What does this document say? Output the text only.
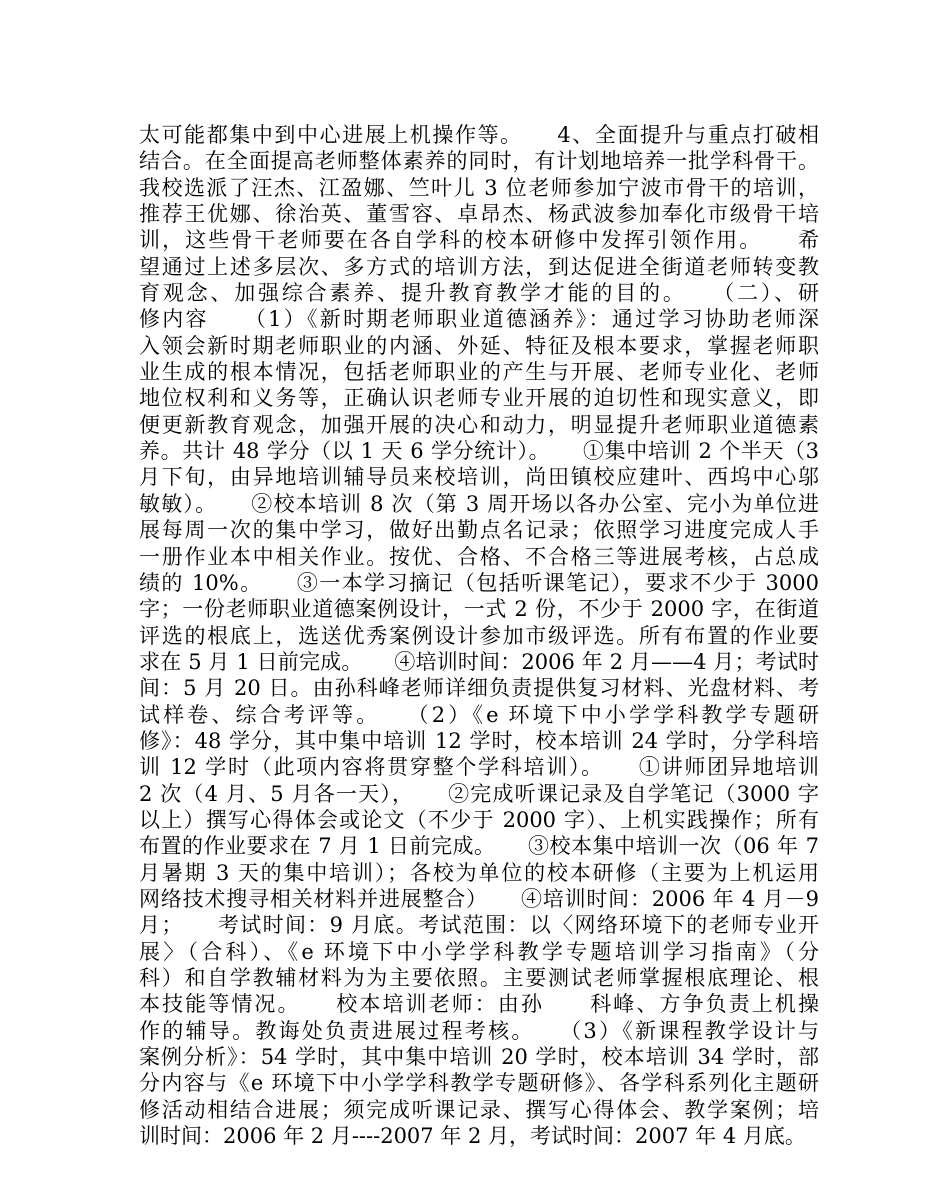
太可能都集中到中心进展上机操作等。　　4、全面提升与重点打破相
结合。在全面提高老师整体素养的同时，有计划地培养一批学科骨干。
我校选派了汪杰、江盈娜、竺叶儿 3 位老师参加宁波市骨干的培训，
推荐王优娜、徐治英、董雪容、卓昂杰、杨武波参加奉化市级骨干培
训，这些骨干老师要在各自学科的校本研修中发挥引领作用。　　希
望通过上述多层次、多方式的培训方法，到达促进全街道老师转变教
育观念、加强综合素养、提升教育教学才能的目的。　　（二）、研
修内容　　（1）《新时期老师职业道德涵养》：通过学习协助老师深
入领会新时期老师职业的内涵、外延、特征及根本要求，掌握老师职
业生成的根本情况，包括老师职业的产生与开展、老师专业化、老师
地位权利和义务等，正确认识老师专业开展的迫切性和现实意义，即
便更新教育观念，加强开展的决心和动力，明显提升老师职业道德素
养。共计 48 学分（以 1 天 6 学分统计）。　　①集中培训 2 个半天（3
月下旬，由异地培训辅导员来校培训，尚田镇校应建叶、西坞中心邬
敏敏）。　　②校本培训 8 次（第 3 周开场以各办公室、完小为单位进
展每周一次的集中学习，做好出勤点名记录；依照学习进度完成人手
一册作业本中相关作业。按优、合格、不合格三等进展考核，占总成
绩的 10%。　　③一本学习摘记（包括听课笔记），要求不少于 3000
字；一份老师职业道德案例设计，一式 2 份，不少于 2000 字，在街道
评选的根底上，选送优秀案例设计参加市级评选。所有布置的作业要
求在 5 月 1 日前完成。　　④培训时间：2006 年 2 月——4 月；考试时
间：5 月 20 日。由孙科峰老师详细负责提供复习材料、光盘材料、考
试样卷、综合考评等。　　（2）《e 环境下中小学学科教学专题研
修》：48 学分，其中集中培训 12 学时，校本培训 24 学时，分学科培
训 12 学时（此项内容将贯穿整个学科培训）。　　①讲师团异地培训
2 次（4 月、5 月各一天），　　②完成听课记录及自学笔记（3000 字
以上）撰写心得体会或论文（不少于 2000 字）、上机实践操作；所有
布置的作业要求在 7 月 1 日前完成。　　③校本集中培训一次（06 年 7
月暑期 3 天的集中培训）；各校为单位的校本研修（主要为上机运用
网络技术搜寻相关材料并进展整合）　　④培训时间：2006 年 4 月－9
月；　　考试时间：9 月底。考试范围：以〈网络环境下的老师专业开
展〉（合科）、《e 环境下中小学学科教学专题培训学习指南》（分
科）和自学教辅材料为为主要依照。主要测试老师掌握根底理论、根
本技能等情况。　　校本培训老师：由孙　　科峰、方争负责上机操
作的辅导。教诲处负责进展过程考核。　　（3）《新课程教学设计与
案例分析》：54 学时，其中集中培训 20 学时，校本培训 34 学时，部
分内容与《e 环境下中小学学科教学专题研修》、各学科系列化主题研
修活动相结合进展；须完成听课记录、撰写心得体会、教学案例；培
训时间：2006 年 2 月----2007 年 2 月，考试时间：2007 年 4 月底。
